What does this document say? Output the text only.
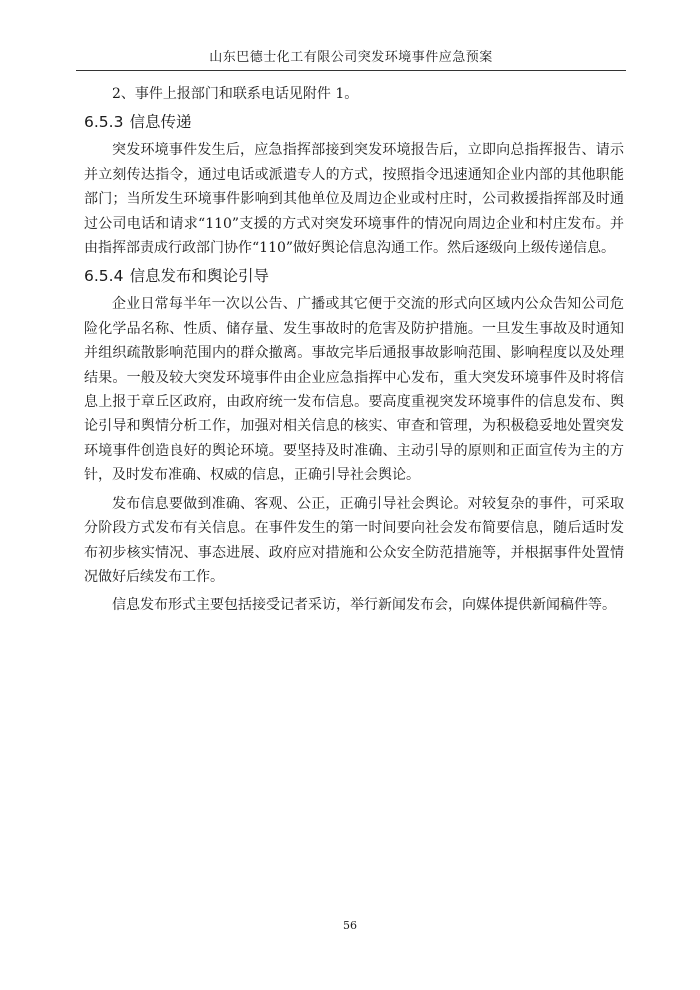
山东巴德士化工有限公司突发环境事件应急预案

2、事件上报部门和联系电话见附件 1。

6.5.3 信息传递

突发环境事件发生后，应急指挥部接到突发环境报告后，立即向总指挥报告、请示并立刻传达指令，通过电话或派遣专人的方式，按照指令迅速通知企业内部的其他职能部门；当所发生环境事件影响到其他单位及周边企业或村庄时，公司救援指挥部及时通过公司电话和请求“110”支援的方式对突发环境事件的情况向周边企业和村庄发布。并由指挥部责成行政部门协作“110”做好舆论信息沟通工作。然后逐级向上级传递信息。

6.5.4 信息发布和舆论引导

企业日常每半年一次以公告、广播或其它便于交流的形式向区域内公众告知公司危险化学品名称、性质、储存量、发生事故时的危害及防护措施。一旦发生事故及时通知并组织疏散影响范围内的群众撤离。事故完毕后通报事故影响范围、影响程度以及处理结果。一般及较大突发环境事件由企业应急指挥中心发布，重大突发环境事件及时将信息上报于章丘区政府，由政府统一发布信息。要高度重视突发环境事件的信息发布、舆论引导和舆情分析工作，加强对相关信息的核实、审查和管理，为积极稳妥地处置突发环境事件创造良好的舆论环境。要坚持及时准确、主动引导的原则和正面宣传为主的方针，及时发布准确、权威的信息，正确引导社会舆论。

发布信息要做到准确、客观、公正，正确引导社会舆论。对较复杂的事件，可采取分阶段方式发布有关信息。在事件发生的第一时间要向社会发布简要信息，随后适时发布初步核实情况、事态进展、政府应对措施和公众安全防范措施等，并根据事件处置情况做好后续发布工作。

信息发布形式主要包括接受记者采访，举行新闻发布会，向媒体提供新闻稿件等。

56
